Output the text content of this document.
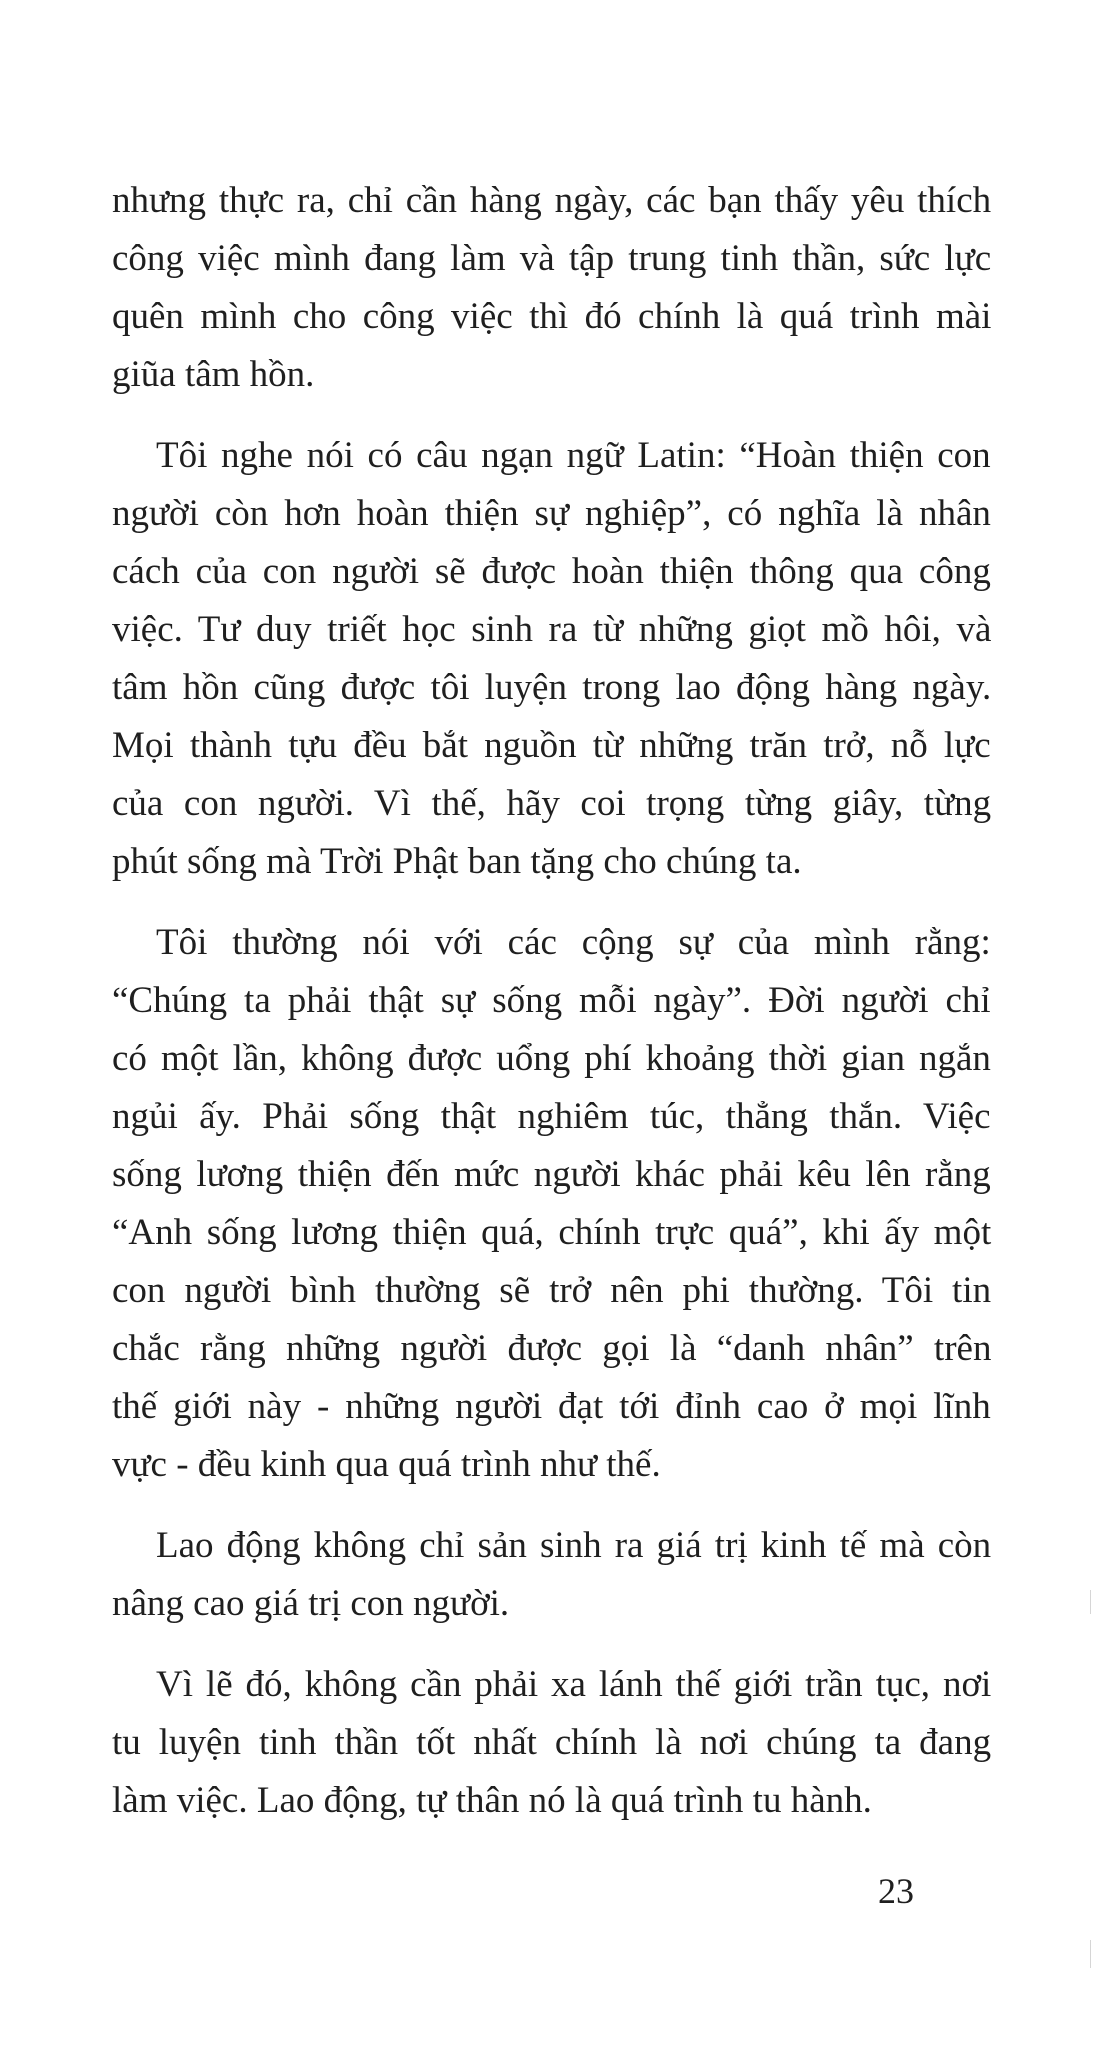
nhưng thực ra, chỉ cần hàng ngày, các bạn thấy yêu thích

công việc mình đang làm và tập trung tinh thần, sức lực

quên mình cho công việc thì đó chính là quá trình mài

giũa tâm hồn.

Tôi nghe nói có câu ngạn ngữ Latin: “Hoàn thiện con

người còn hơn hoàn thiện sự nghiệp”, có nghĩa là nhân

cách của con người sẽ được hoàn thiện thông qua công

việc. Tư duy triết học sinh ra từ những giọt mồ hôi, và

tâm hồn cũng được tôi luyện trong lao động hàng ngày.

Mọi thành tựu đều bắt nguồn từ những trăn trở, nỗ lực

của con người. Vì thế, hãy coi trọng từng giây, từng

phút sống mà Trời Phật ban tặng cho chúng ta.

Tôi thường nói với các cộng sự của mình rằng:

“Chúng ta phải thật sự sống mỗi ngày”. Đời người chỉ

có một lần, không được uổng phí khoảng thời gian ngắn

ngủi ấy. Phải sống thật nghiêm túc, thẳng thắn. Việc

sống lương thiện đến mức người khác phải kêu lên rằng

“Anh sống lương thiện quá, chính trực quá”, khi ấy một

con người bình thường sẽ trở nên phi thường. Tôi tin

chắc rằng những người được gọi là “danh nhân” trên

thế giới này - những người đạt tới đỉnh cao ở mọi lĩnh

vực - đều kinh qua quá trình như thế.

Lao động không chỉ sản sinh ra giá trị kinh tế mà còn

nâng cao giá trị con người.

Vì lẽ đó, không cần phải xa lánh thế giới trần tục, nơi

tu luyện tinh thần tốt nhất chính là nơi chúng ta đang

làm việc. Lao động, tự thân nó là quá trình tu hành.

23
